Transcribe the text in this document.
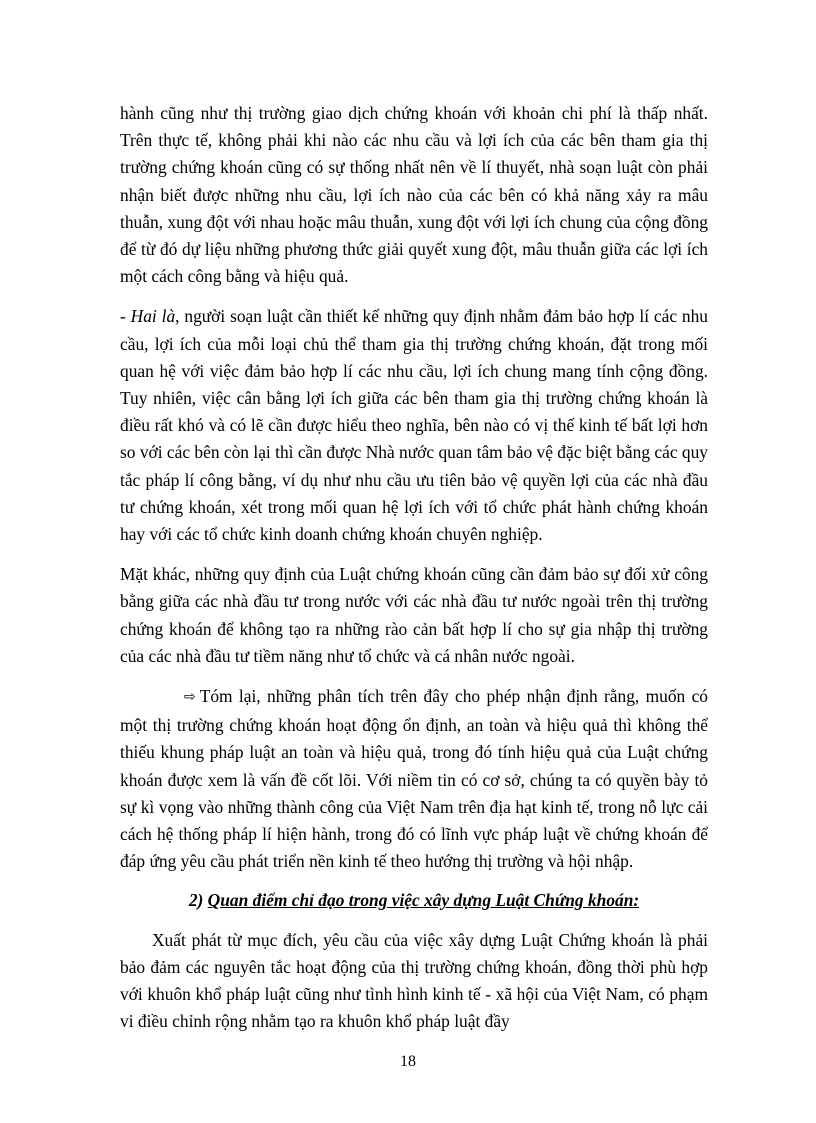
hành cũng như thị trường giao dịch chứng khoán với khoản chi phí là thấp nhất. Trên thực tế, không phải khi nào các nhu cầu và lợi ích của các bên tham gia thị trường chứng khoán cũng có sự thống nhất nên về lí thuyết, nhà soạn luật còn phải nhận biết được những nhu cầu, lợi ích nào của các bên có khả năng xảy ra mâu thuẫn, xung đột với nhau hoặc mâu thuẫn, xung đột với lợi ích chung của cộng đồng để từ đó dự liệu những phương thức giải quyết xung đột, mâu thuẫn giữa các lợi ích một cách công bằng và hiệu quả.

- Hai là, người soạn luật cần thiết kế những quy định nhằm đảm bảo hợp lí các nhu cầu, lợi ích của mỗi loại chủ thể tham gia thị trường chứng khoán, đặt trong mối quan hệ với việc đảm bảo hợp lí các nhu cầu, lợi ích chung mang tính cộng đồng. Tuy nhiên, việc cân bằng lợi ích giữa các bên tham gia thị trường chứng khoán là điều rất khó và có lẽ cần được hiểu theo nghĩa, bên nào có vị thế kinh tế bất lợi hơn so với các bên còn lại thì cần được Nhà nước quan tâm bảo vệ đặc biệt bằng các quy tắc pháp lí công bằng, ví dụ như nhu cầu ưu tiên bảo vệ quyền lợi của các nhà đầu tư chứng khoán, xét trong mối quan hệ lợi ích với tổ chức phát hành chứng khoán hay với các tổ chức kinh doanh chứng khoán chuyên nghiệp.

Mặt khác, những quy định của Luật chứng khoán cũng cần đảm bảo sự đối xử công bằng giữa các nhà đầu tư trong nước với các nhà đầu tư nước ngoài trên thị trường chứng khoán để không tạo ra những rào cản bất hợp lí cho sự gia nhập thị trường của các nhà đầu tư tiềm năng như tổ chức và cá nhân nước ngoài.

⇨ Tóm lại, những phân tích trên đây cho phép nhận định rằng, muốn có một thị trường chứng khoán hoạt động ổn định, an toàn và hiệu quả thì không thể thiếu khung pháp luật an toàn và hiệu quả, trong đó tính hiệu quả của Luật chứng khoán được xem là vấn đề cốt lõi. Với niềm tin có cơ sở, chúng ta có quyền bày tỏ sự kì vọng vào những thành công của Việt Nam trên địa hạt kinh tế, trong nỗ lực cải cách hệ thống pháp lí hiện hành, trong đó có lĩnh vực pháp luật về chứng khoán để đáp ứng yêu cầu phát triển nền kinh tế theo hướng thị trường và hội nhập.

2) Quan điểm chỉ đạo trong việc xây dựng Luật Chứng khoán:

Xuất phát từ mục đích, yêu cầu của việc xây dựng Luật Chứng khoán là phải bảo đảm các nguyên tắc hoạt động của thị trường chứng khoán, đồng thời phù hợp với khuôn khổ pháp luật cũng như tình hình kinh tế - xã hội của Việt Nam, có phạm vi điều chỉnh rộng nhằm tạo ra khuôn khổ pháp luật đầy

18
